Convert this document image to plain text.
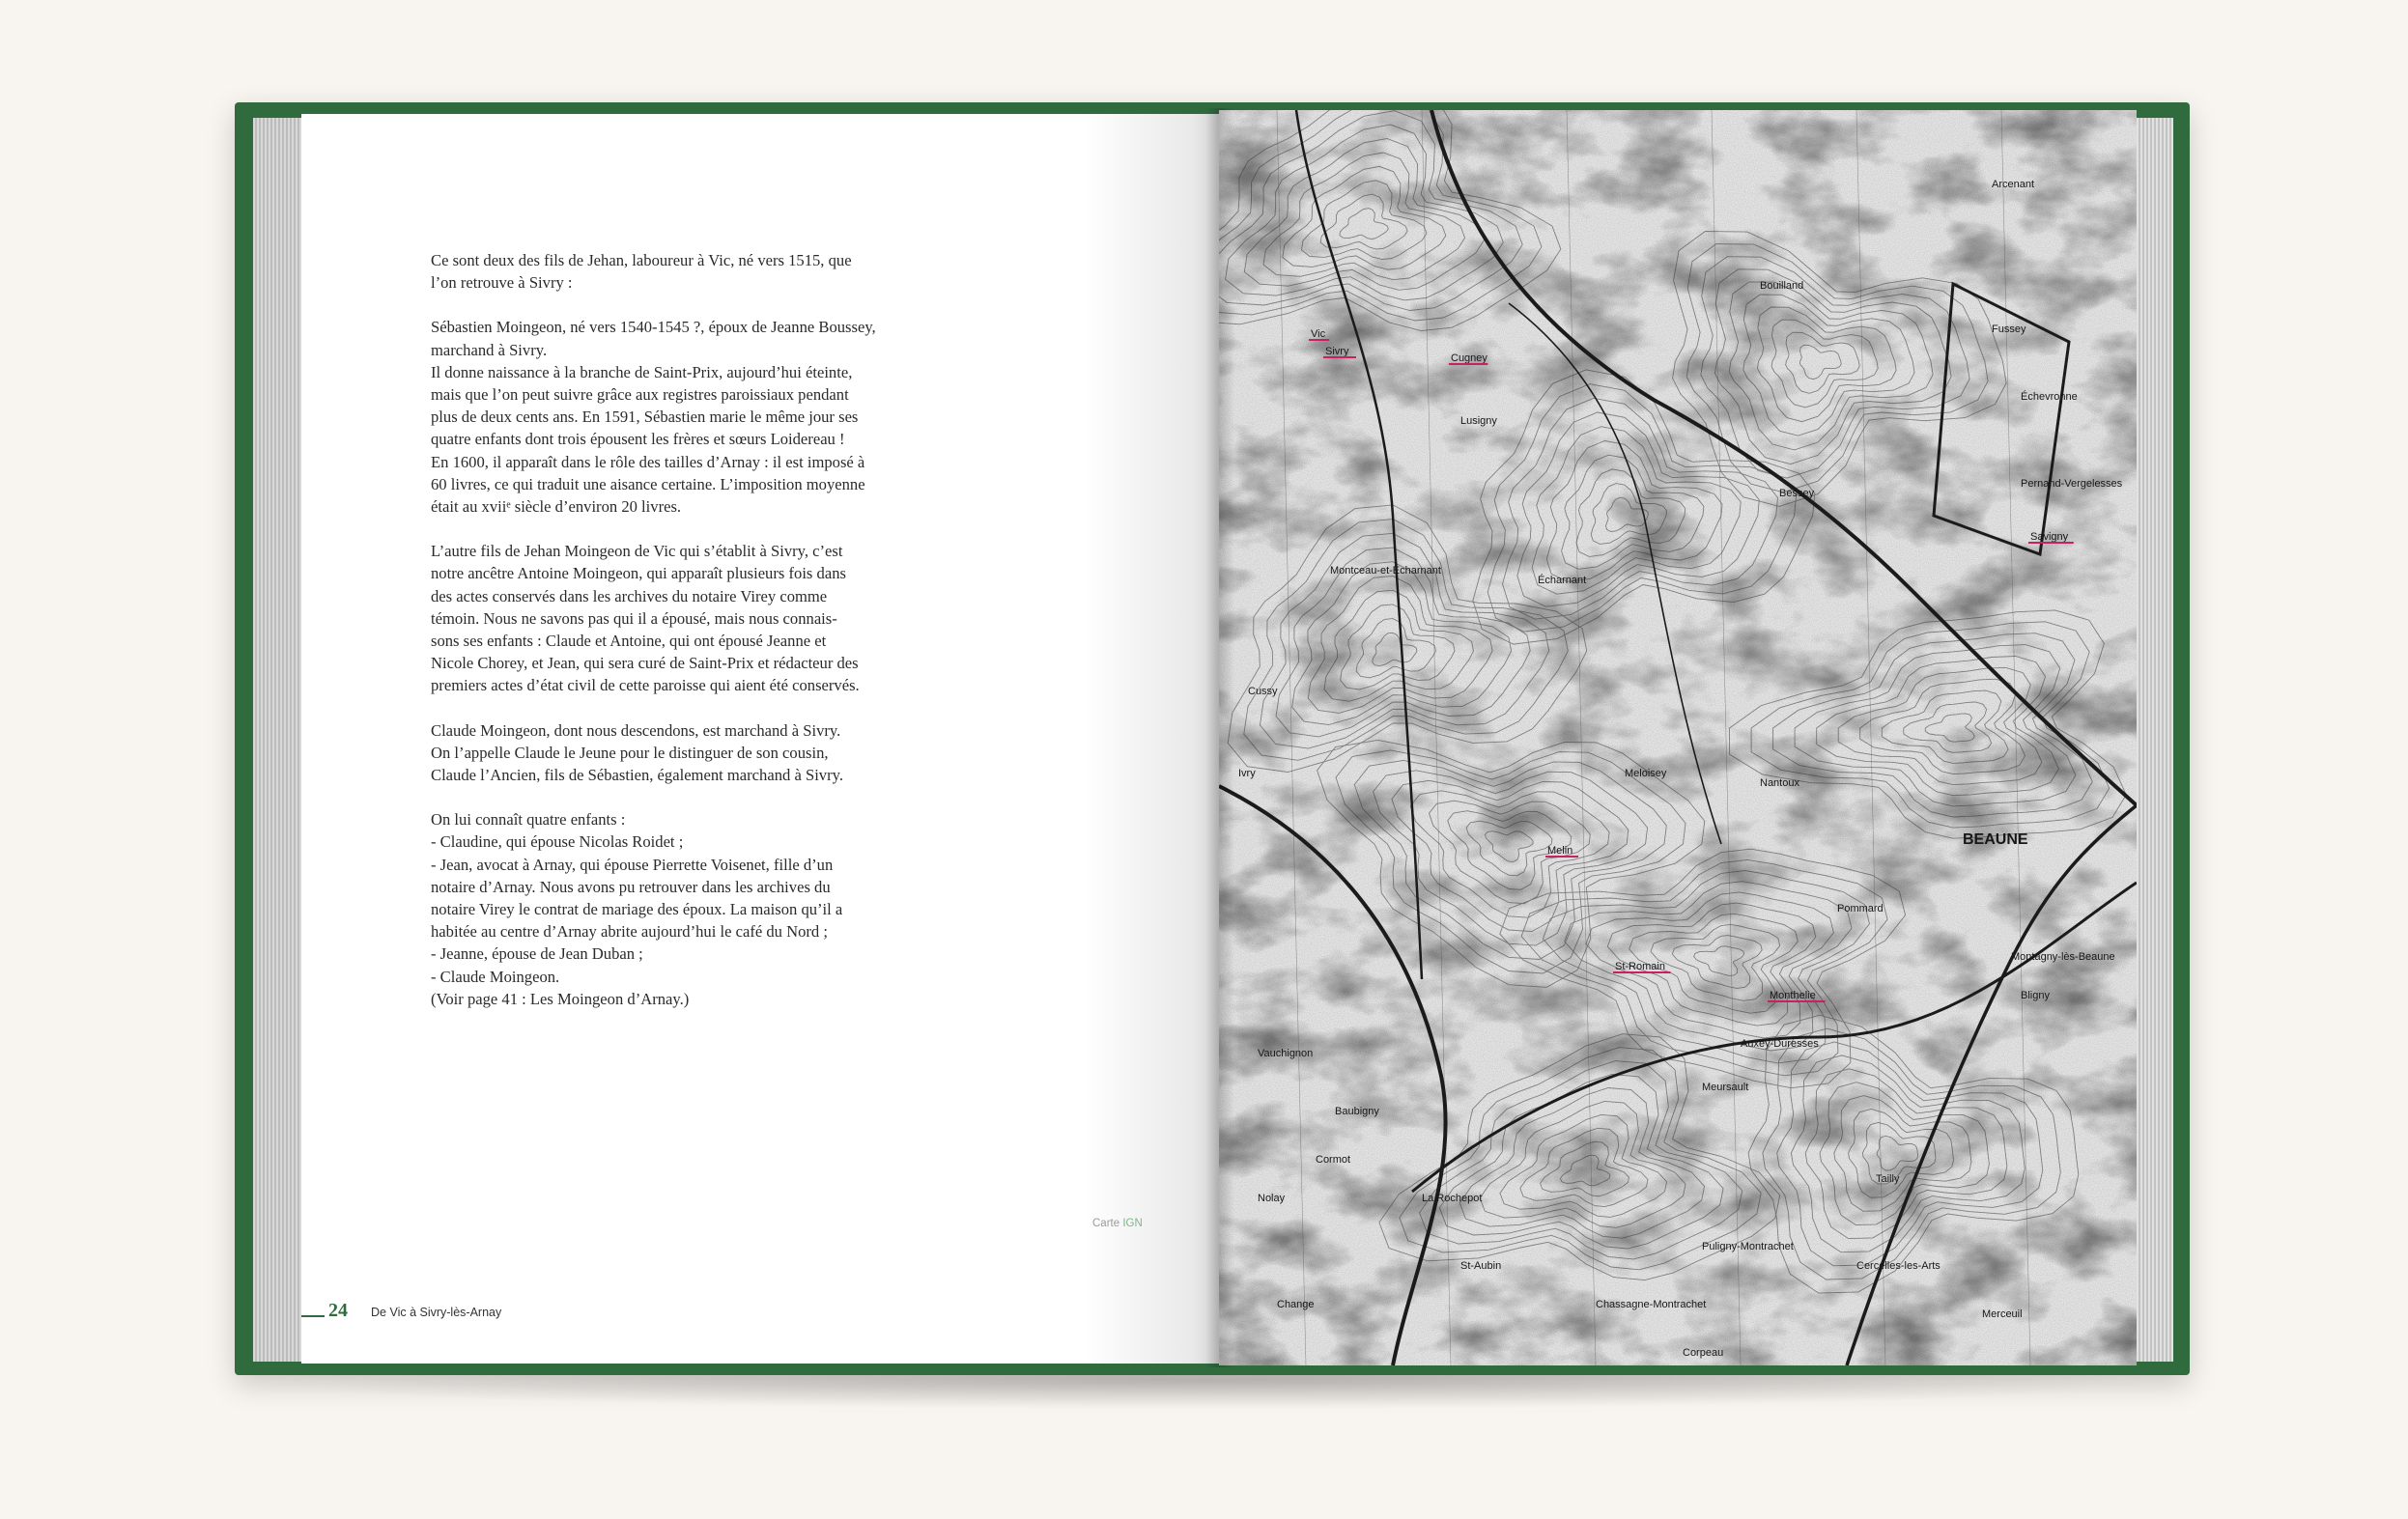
Ce sont deux des fils de Jehan, laboureur à Vic, né vers 1515, que
l’on retrouve à Sivry :

Sébastien Moingeon, né vers 1540-1545 ?, époux de Jeanne Boussey,
marchand à Sivry.
Il donne naissance à la branche de Saint-Prix, aujourd’hui éteinte,
mais que l’on peut suivre grâce aux registres paroissiaux pendant
plus de deux cents ans. En 1591, Sébastien marie le même jour ses
quatre enfants dont trois épousent les frères et sœurs Loidereau !
En 1600, il apparaît dans le rôle des tailles d’Arnay : il est imposé à
60 livres, ce qui traduit une aisance certaine. L’imposition moyenne
était au xviiᵉ siècle d’environ 20 livres.

L’autre fils de Jehan Moingeon de Vic qui s’établit à Sivry, c’est
notre ancêtre Antoine Moingeon, qui apparaît plusieurs fois dans
des actes conservés dans les archives du notaire Virey comme
témoin. Nous ne savons pas qui il a épousé, mais nous connais-
sons ses enfants : Claude et Antoine, qui ont épousé Jeanne et
Nicole Chorey, et Jean, qui sera curé de Saint-Prix et rédacteur des
premiers actes d’état civil de cette paroisse qui aient été conservés.

Claude Moingeon, dont nous descendons, est marchand à Sivry.
On l’appelle Claude le Jeune pour le distinguer de son cousin,
Claude l’Ancien, fils de Sébastien, également marchand à Sivry.

On lui connaît quatre enfants :
- Claudine, qui épouse Nicolas Roidet ;
- Jean, avocat à Arnay, qui épouse Pierrette Voisenet, fille d’un
notaire d’Arnay. Nous avons pu retrouver dans les archives du
notaire Virey le contrat de mariage des époux. La maison qu’il a
habitée au centre d’Arnay abrite aujourd’hui le café du Nord ;
- Jeanne, épouse de Jean Duban ;
- Claude Moingeon.
(Voir page 41 : Les Moingeon d’Arnay.)

Carte IGN
24 De Vic à Sivry-lès-Arnay
